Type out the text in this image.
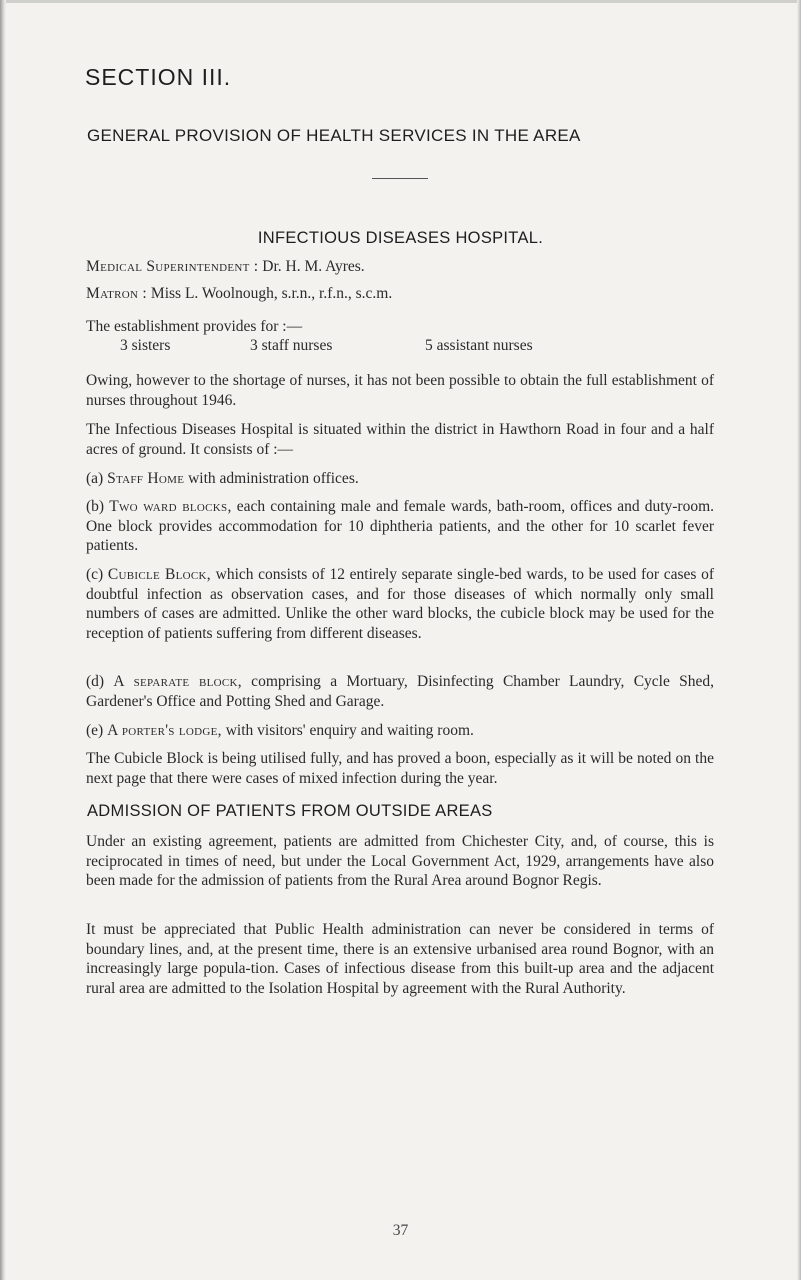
SECTION III.
GENERAL PROVISION OF HEALTH SERVICES IN THE AREA
INFECTIOUS DISEASES HOSPITAL.

Medical Superintendent : Dr. H. M. Ayres.

Matron : Miss L. Woolnough, s.r.n., r.f.n., s.c.m.

The establishment provides for :—

3 sisters	3 staff nurses	5 assistant nurses

Owing, however to the shortage of nurses, it has not been possible to obtain the full establishment of nurses throughout 1946.

The Infectious Diseases Hospital is situated within the district in Hawthorn Road in four and a half acres of ground. It consists of :—

(a) Staff Home with administration offices.

(b) Two ward blocks, each containing male and female wards, bath-room, offices and duty-room. One block provides accommodation for 10 diphtheria patients, and the other for 10 scarlet fever patients.

(c) Cubicle Block, which consists of 12 entirely separate single-bed wards, to be used for cases of doubtful infection as observation cases, and for those diseases of which normally only small numbers of cases are admitted. Unlike the other ward blocks, the cubicle block may be used for the reception of patients suffering from different diseases.

(d) A separate block, comprising a Mortuary, Disinfecting Chamber Laundry, Cycle Shed, Gardener's Office and Potting Shed and Garage.

(e) A porter's lodge, with visitors' enquiry and waiting room.

The Cubicle Block is being utilised fully, and has proved a boon, especially as it will be noted on the next page that there were cases of mixed infection during the year.

ADMISSION OF PATIENTS FROM OUTSIDE AREAS

Under an existing agreement, patients are admitted from Chichester City, and, of course, this is reciprocated in times of need, but under the Local Government Act, 1929, arrangements have also been made for the admission of patients from the Rural Area around Bognor Regis.

It must be appreciated that Public Health administration can never be considered in terms of boundary lines, and, at the present time, there is an extensive urbanised area round Bognor, with an increasingly large popula-tion. Cases of infectious disease from this built-up area and the adjacent rural area are admitted to the Isolation Hospital by agreement with the Rural Authority.

37
